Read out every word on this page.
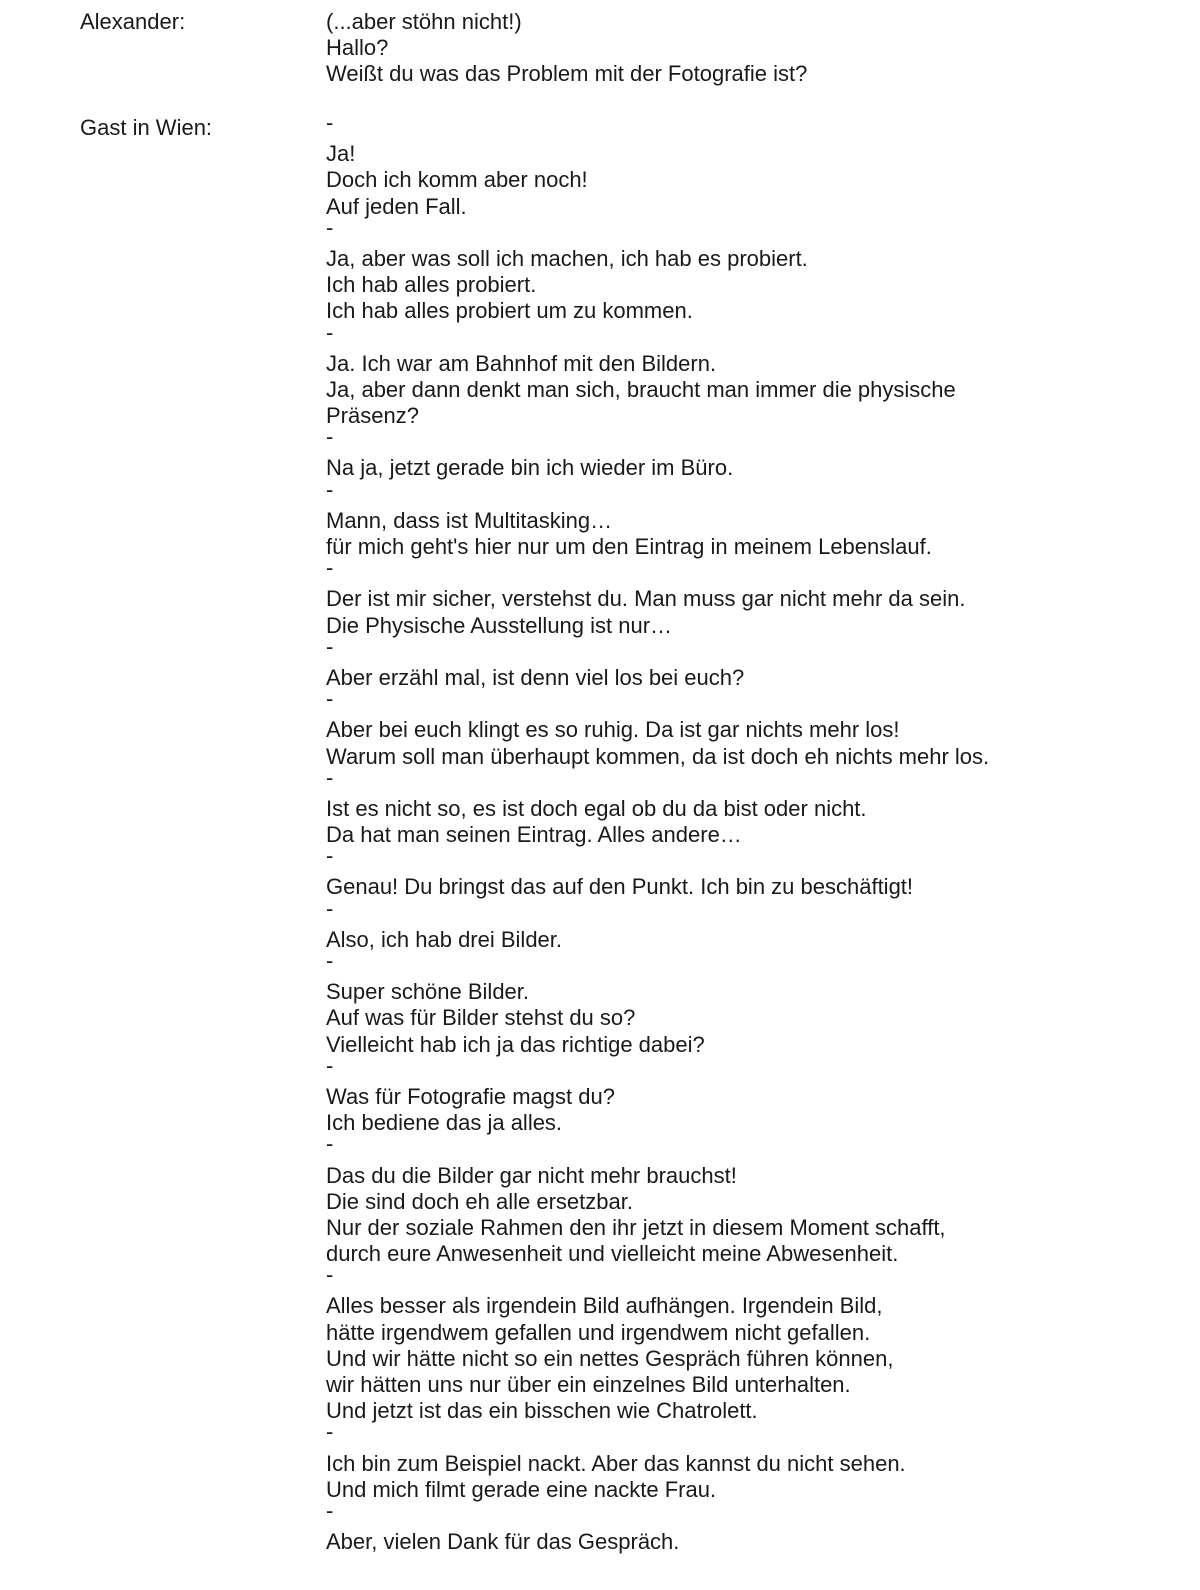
Alexander:	(...aber stöhn nicht!)
Hallo?
Weißt du was das Problem mit der Fotografie ist?
Gast in Wien:	-
Ja!
Doch ich komm aber noch!
Auf jeden Fall.
-
Ja, aber was soll ich machen, ich hab es probiert.
Ich hab alles probiert.
Ich hab alles probiert um zu kommen.
-
Ja. Ich war am Bahnhof mit den Bildern.
Ja, aber dann denkt man sich, braucht man immer die physische
Präsenz?
-
Na ja, jetzt gerade bin ich wieder im Büro.
-
Mann, dass ist Multitasking…
für mich geht's hier nur um den Eintrag in meinem Lebenslauf.
-
Der ist mir sicher, verstehst du. Man muss gar nicht mehr da sein.
Die Physische Ausstellung ist nur…
-
Aber erzähl mal, ist denn viel los bei euch?
-
Aber bei euch klingt es so ruhig. Da ist gar nichts mehr los!
Warum soll man überhaupt kommen, da ist doch eh nichts mehr los.
-
Ist es nicht so, es ist doch egal ob du da bist oder nicht.
Da hat man seinen Eintrag. Alles andere…
-
Genau! Du bringst das auf den Punkt. Ich bin zu beschäftigt!
-
Also, ich hab drei Bilder.
-
Super schöne Bilder.
Auf was für Bilder stehst du so?
Vielleicht hab ich ja das richtige dabei?
-
Was für Fotografie magst du?
Ich bediene das ja alles.
-
Das du die Bilder gar nicht mehr brauchst!
Die sind doch eh alle ersetzbar.
Nur der soziale Rahmen den ihr jetzt in diesem Moment schafft,
durch eure Anwesenheit und vielleicht meine Abwesenheit.
-
Alles besser als irgendein Bild aufhängen. Irgendein Bild,
hätte irgendwem gefallen und irgendwem nicht gefallen.
Und wir hätte nicht so ein nettes Gespräch führen können,
wir hätten uns nur über ein einzelnes Bild unterhalten.
Und jetzt ist das ein bisschen wie Chatrolett.
-
Ich bin zum Beispiel nackt. Aber das kannst du nicht sehen.
Und mich filmt gerade eine nackte Frau.
-
Aber, vielen Dank für das Gespräch.
